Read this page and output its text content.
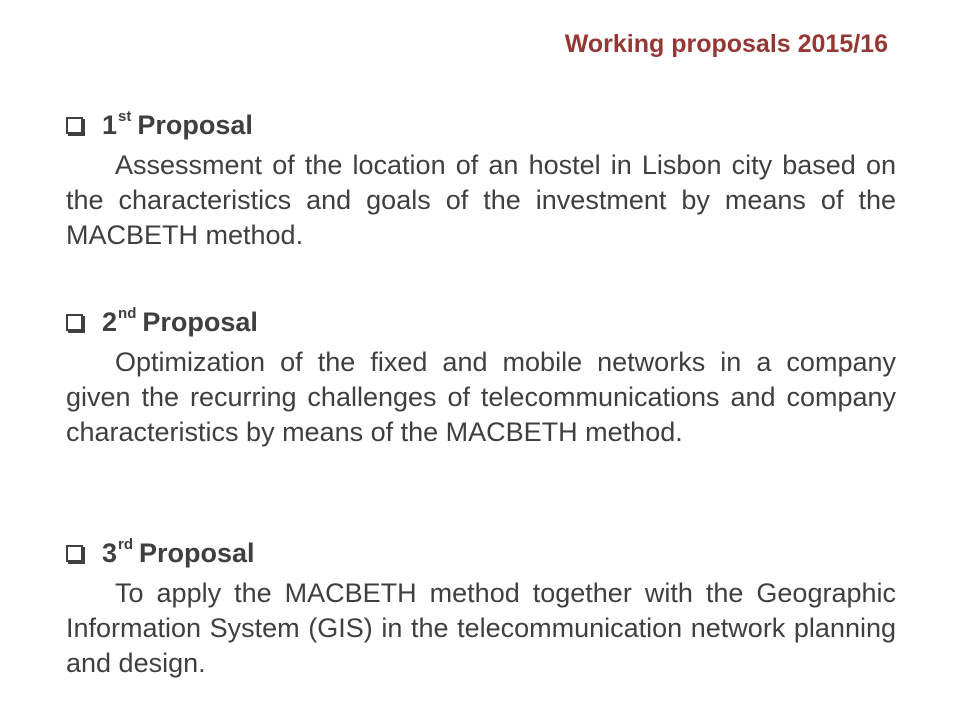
Working proposals 2015/16
1st Proposal
Assessment of the location of an hostel in Lisbon city based on the characteristics and goals of the investment by means of the MACBETH method.
2nd Proposal
Optimization of the fixed and mobile networks in a company given the recurring challenges of telecommunications and company characteristics by means of the MACBETH method.
3rd Proposal
To apply the MACBETH method together with the Geographic Information System (GIS) in the telecommunication network planning and design.
